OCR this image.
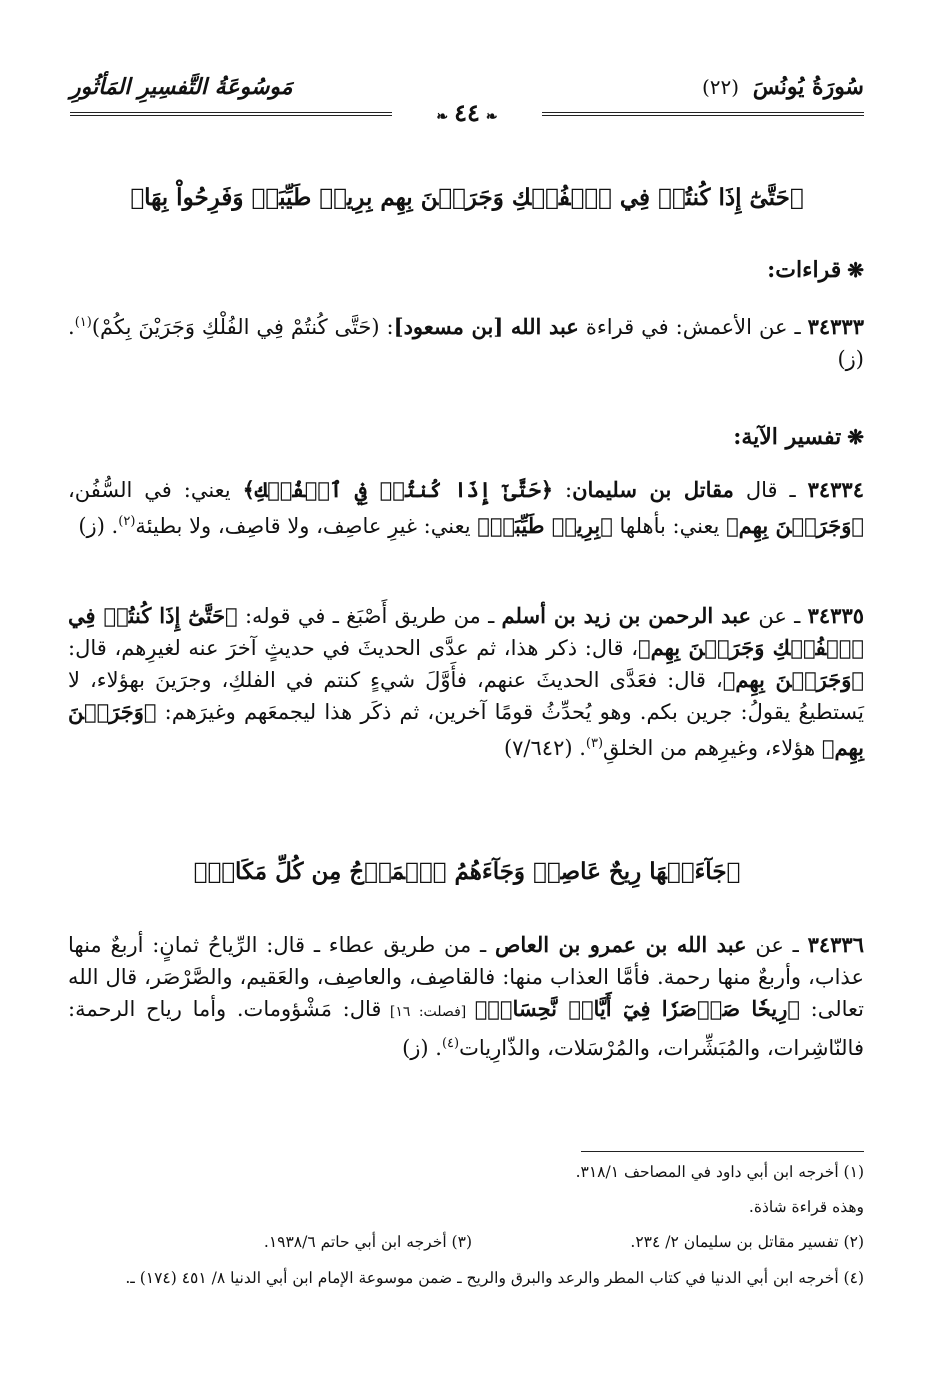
سُورَةُ يُونُسَ (٢٢)
مَوسُوعَةُ التَّفسِيرِ المَأثُورِ
❧٤٤❧
﴿حَتَّىٰٓ إِذَا كُنتُمۡ فِي ٱلۡفُلۡكِ وَجَرَيۡنَ بِهِم بِرِيحٖ طَيِّبَةٖ وَفَرِحُواْ بِهَا﴾
❋قراءات:
٣٤٣٣٣ ـ عن الأعمش: في قراءة عبد الله [بن مسعود]: (حَتَّى كُنتُمْ فِي الفُلْكِ وَجَرَيْنَ بِكُمْ)$^{(١)}$. (ز)
❋تفسير الآية:
٣٤٣٣٤ ـ قال مقاتل بن سليمان: ﴿حَتَّىٰٓ إِذَا كُنتُمۡ فِي ٱلۡفُلۡكِ﴾ يعني: في السُّفُن، ﴿وَجَرَيۡنَ بِهِم﴾ يعني: بأهلها ﴿بِرِيحٖ طَيِّبَةٖ﴾ يعني: غيرِ عاصِف، ولا قاصِف، ولا بطيئة$^{(٢)}$. (ز)
٣٤٣٣٥ ـ عن عبد الرحمن بن زيد بن أسلم ـ من طريق أَصْبَغ ـ في قوله: ﴿حَتَّىٰٓ إِذَا كُنتُمۡ فِي ٱلۡفُلۡكِ وَجَرَيۡنَ بِهِم﴾، قال: ذكر هذا، ثم عدَّى الحديثَ في حديثٍ آخرَ عنه لغيرِهم، قال: ﴿وَجَرَيۡنَ بِهِم﴾، قال: فعَدَّى الحديثَ عنهم، فأَوَّلَ شيءٍ كنتم في الفلكِ، وجرَينَ بهؤلاء، لا يَستطيعُ يقولُ: جرين بكم. وهو يُحدِّثُ قومًا آخرين، ثم ذكَر هذا ليجمعَهم وغيرَهم: ﴿وَجَرَيۡنَ بِهِم﴾ هؤلاء، وغيرِهم من الخلقِ$^{(٣)}$. (٧/٦٤٢)
﴿جَآءَتۡهَا رِيحٌ عَاصِفٞ وَجَآءَهُمُ ٱلۡمَوۡجُ مِن كُلِّ مَكَانٖ﴾
٣٤٣٣٦ ـ عن عبد الله بن عمرو بن العاص ـ من طريق عطاء ـ قال: الرِّياحُ ثمانٍ: أربعٌ منها عذاب، وأربعٌ منها رحمة. فأمَّا العذاب منها: فالقاصِف، والعاصِف، والعَقيم، والصَّرْصَر، قال الله تعالى: ﴿رِيحٗا صَرۡصَرٗا فِيٓ أَيَّامٖ نَّحِسَاتٖ﴾ [فصلت: ١٦] قال: مَشْؤومات. وأما رياح الرحمة: فالنّاشِرات، والمُبَشِّرات، والمُرْسَلات، والذّارِيات$^{(٤)}$. (ز)
(١) أخرجه ابن أبي داود في المصاحف ٣١٨/١.
وهذه قراءة شاذة.
(٢) تفسير مقاتل بن سليمان ٢/ ٢٣٤.
(٣) أخرجه ابن أبي حاتم ١٩٣٨/٦.
(٤) أخرجه ابن أبي الدنيا في كتاب المطر والرعد والبرق والريح ـ ضمن موسوعة الإمام ابن أبي الدنيا ٨/ ٤٥١ (١٧٤) ـ.
